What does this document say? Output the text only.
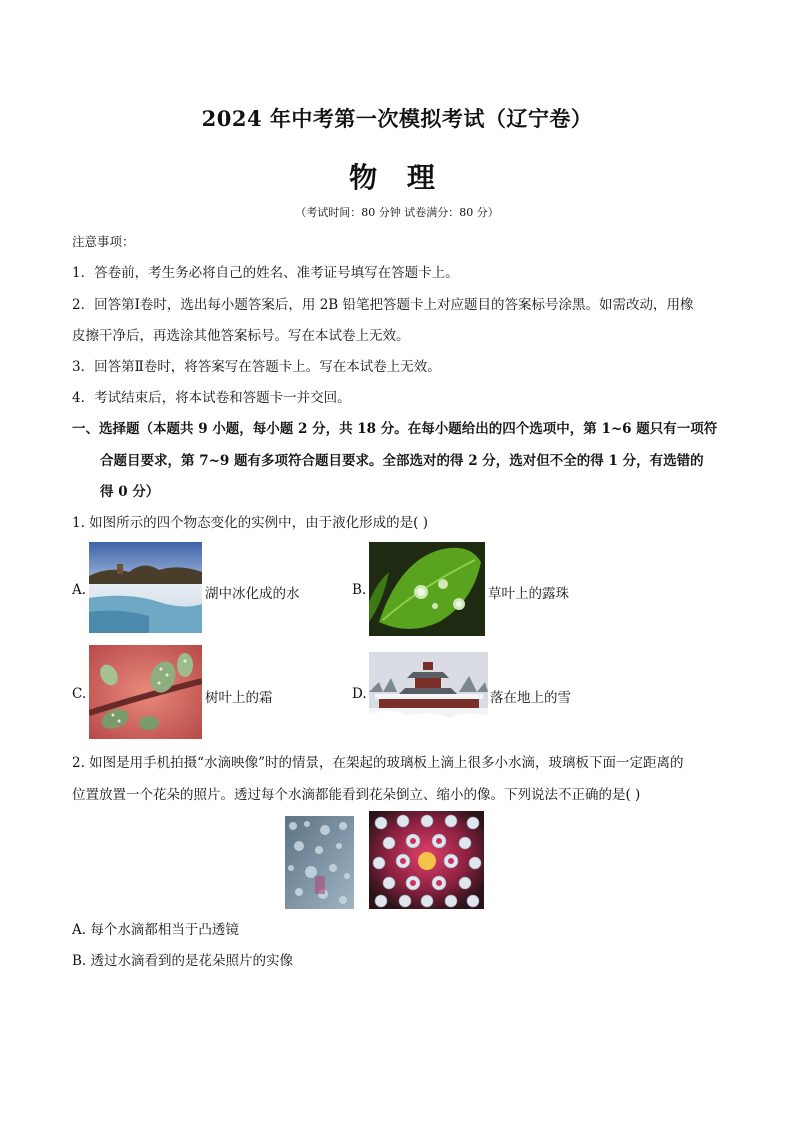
2024 年中考第一次模拟考试（辽宁卷）
物 理
（考试时间：80 分钟 试卷满分：80 分）
注意事项：
1．答卷前，考生务必将自己的姓名、准考证号填写在答题卡上。
2．回答第Ⅰ卷时，选出每小题答案后，用 2B 铅笔把答题卡上对应题目的答案标号涂黑。如需改动，用橡
皮擦干净后，再选涂其他答案标号。写在本试卷上无效。
3．回答第Ⅱ卷时，将答案写在答题卡上。写在本试卷上无效。
4．考试结束后，将本试卷和答题卡一并交回。
一、选择题（本题共 9 小题，每小题 2 分，共 18 分。在每小题给出的四个选项中，第 1~6 题只有一项符
合题目要求，第 7~9 题有多项符合题目要求。全部选对的得 2 分，选对但不全的得 1 分，有选错的
得 0 分）
1. 如图所示的四个物态变化的实例中，由于液化形成的是( )
A.	湖中冰化成的水	B.	草叶上的露珠
C.	树叶上的霜	D.	落在地上的雪
2. 如图是用手机拍摄“水滴映像”时的情景，在架起的玻璃板上滴上很多小水滴，玻璃板下面一定距离的
位置放置一个花朵的照片。透过每个水滴都能看到花朵倒立、缩小的像。下列说法不正确的是( )
A. 每个水滴都相当于凸透镜
B. 透过水滴看到的是花朵照片的实像
